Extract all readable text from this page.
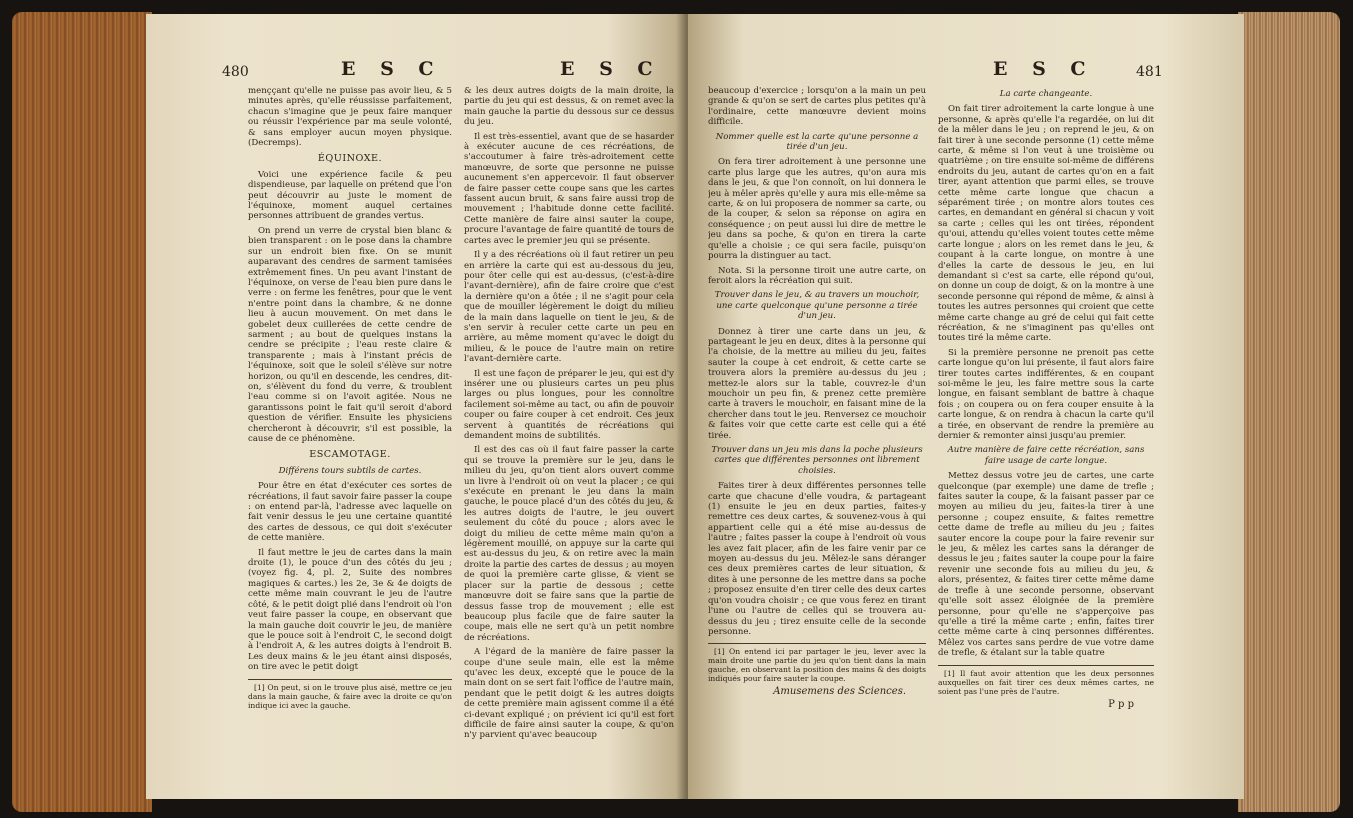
480	E S C	E S C

menççant qu'elle ne puisse pas avoir lieu, & 5 minutes après, qu'elle réussisse parfaitement, chacun s'imagine que je peux faire manquer ou réussir l'expérience par ma seule volonté, & sans employer aucun moyen physique. (Decremps).

ÉQUINOXE.

Voici une expérience facile & peu dispendieuse, par laquelle on prétend que l'on peut découvrir au juste le moment de l'équinoxe, moment auquel certaines personnes attribuent de grandes vertus.

On prend un verre de crystal bien blanc & bien transparent : on le pose dans la chambre sur un endroit bien fixe. On se munit auparavant des cendres de sarment tamisées extrêmement fines. Un peu avant l'instant de l'équinoxe, on verse de l'eau bien pure dans le verre : on ferme les fenêtres, pour que le vent n'entre point dans la chambre, & ne donne lieu à aucun mouvement. On met dans le gobelet deux cuillerées de cette cendre de sarment ; au bout de quelques instans la cendre se précipite ; l'eau reste claire & transparente ; mais à l'instant précis de l'équinoxe, soit que le soleil s'élève sur notre horizon, ou qu'il en descende, les cendres, dit-on, s'élèvent du fond du verre, & troublent l'eau comme si on l'avoit agitée. Nous ne garantissons point le fait qu'il seroit d'abord question de vérifier. Ensuite les physiciens chercheront à découvrir, s'il est possible, la cause de ce phénomène.

ESCAMOTAGE.
Différens tours subtils de cartes.

Pour être en état d'exécuter ces sortes de récréations, il faut savoir faire passer la coupe : on entend par-là, l'adresse avec laquelle on fait venir dessus le jeu une certaine quantité des cartes de dessous, ce qui doit s'exécuter de cette manière.

Il faut mettre le jeu de cartes dans la main droite (1), le pouce d'un des côtés du jeu ; (voyez fig. 4, pl. 2, Suite des nombres magiques & cartes.) les 2e, 3e & 4e doigts de cette même main couvrant le jeu de l'autre côté, & le petit doigt plié dans l'endroit où l'on veut faire passer la coupe, en observant que la main gauche doit couvrir le jeu, de manière que le pouce soit à l'endroit C, le second doigt à l'endroit A, & les autres doigts à l'endroit B. Les deux mains & le jeu étant ainsi disposés, on tire avec le petit doigt

[1] On peut, si on le trouve plus aisé, mettre ce jeu dans la main gauche, & faire avec la droite ce qu'on indique ici avec la gauche.

& les deux autres doigts de la main droite, la partie du jeu qui est dessus, & on remet avec la main gauche la partie du dessous sur ce dessus du jeu.

Il est très-essentiel, avant que de se hasarder à exécuter aucune de ces récréations, de s'accoutumer à faire très-adroitement cette manœuvre, de sorte que personne ne puisse aucunement s'en appercevoir. Il faut observer de faire passer cette coupe sans que les cartes fassent aucun bruit, & sans faire aussi trop de mouvement ; l'habitude donne cette facilité. Cette manière de faire ainsi sauter la coupe, procure l'avantage de faire quantité de tours de cartes avec le premier jeu qui se présente.

Il y a des récréations où il faut retirer un peu en arrière la carte qui est au-dessous du jeu, pour ôter celle qui est au-dessus, (c'est-à-dire l'avant-dernière), afin de faire croire que c'est la dernière qu'on a ôtée ; il ne s'agit pour cela que de mouiller légèrement le doigt du milieu de la main dans laquelle on tient le jeu, & de s'en servir à reculer cette carte un peu en arrière, au même moment qu'avec le doigt du milieu, & le pouce de l'autre main on retire l'avant-dernière carte.

Il est une façon de préparer le jeu, qui est d'y insérer une ou plusieurs cartes un peu plus larges ou plus longues, pour les connoître facilement soi-même au tact, ou afin de pouvoir couper ou faire couper à cet endroit. Ces jeux servent à quantités de récréations qui demandent moins de subtilités.

Il est des cas où il faut faire passer la carte qui se trouve la première sur le jeu, dans le milieu du jeu, qu'on tient alors ouvert comme un livre à l'endroit où on veut la placer ; ce qui s'exécute en prenant le jeu dans la main gauche, le pouce placé d'un des côtés du jeu, & les autres doigts de l'autre, le jeu ouvert seulement du côté du pouce ; alors avec le doigt du milieu de cette même main qu'on a légèrement mouillé, on appuye sur la carte qui est au-dessus du jeu, & on retire avec la main droite la partie des cartes de dessus ; au moyen de quoi la première carte glisse, & vient se placer sur la partie de dessous ; cette manœuvre doit se faire sans que la partie de dessus fasse trop de mouvement ; elle est beaucoup plus facile que de faire sauter la coupe, mais elle ne sert qu'à un petit nombre de récréations.

A l'égard de la manière de faire passer la coupe d'une seule main, elle est la même qu'avec les deux, excepté que le pouce de la main dont on se sert fait l'office de l'autre main, pendant que le petit doigt & les autres doigts de cette première main agissent comme il a été ci-devant expliqué ; on prévient ici qu'il est fort difficile de faire ainsi sauter la coupe, & qu'on n'y parvient qu'avec beaucoup

E S C	481

beaucoup d'exercice ; lorsqu'on a la main un peu grande & qu'on se sert de cartes plus petites qu'à l'ordinaire, cette manœuvre devient moins difficile.

Nommer quelle est la carte qu'une personne a tirée d'un jeu.

On fera tirer adroitement à une personne une carte plus large que les autres, qu'on aura mis dans le jeu, & que l'on connoît, on lui donnera le jeu à mêler après qu'elle y aura mis elle-même sa carte, & on lui proposera de nommer sa carte, ou de la couper, & selon sa réponse on agira en conséquence ; on peut aussi lui dire de mettre le jeu dans sa poche, & qu'on en tirera la carte qu'elle a choisie ; ce qui sera facile, puisqu'on pourra la distinguer au tact.

Nota. Si la personne tiroit une autre carte, on feroit alors la récréation qui suit.

Trouver dans le jeu, & au travers un mouchoir, une carte quelconque qu'une personne a tirée d'un jeu.

Donnez à tirer une carte dans un jeu, & partageant le jeu en deux, dites à la personne qui l'a choisie, de la mettre au milieu du jeu, faites sauter la coupe à cet endroit, & cette carte se trouvera alors la première au-dessus du jeu ; mettez-le alors sur la table, couvrez-le d'un mouchoir un peu fin, & prenez cette première carte à travers le mouchoir, en faisant mine de la chercher dans tout le jeu. Renversez ce mouchoir & faites voir que cette carte est celle qui a été tirée.

Trouver dans un jeu mis dans la poche plusieurs cartes que différentes personnes ont librement choisies.

Faites tirer à deux différentes personnes telle carte que chacune d'elle voudra, & partageant (1) ensuite le jeu en deux parties, faites-y remettre ces deux cartes, & souvenez-vous à qui appartient celle qui a été mise au-dessus de l'autre ; faites passer la coupe à l'endroit où vous les avez fait placer, afin de les faire venir par ce moyen au-dessus du jeu. Mêlez-le sans déranger ces deux premières cartes de leur situation, & dites à une personne de les mettre dans sa poche ; proposez ensuite d'en tirer celle des deux cartes qu'on voudra choisir ; ce que vous ferez en tirant l'une ou l'autre de celles qui se trouvera au-dessus du jeu ; tirez ensuite celle de la seconde personne.

[1] On entend ici par partager le jeu, lever avec la main droite une partie du jeu qu'on tient dans la main gauche, en observant la position des mains & des doigts indiqués pour faire sauter la coupe.

Amusemens des Sciences.

La carte changeante.

On fait tirer adroitement la carte longue à une personne, & après qu'elle l'a regardée, on lui dit de la mêler dans le jeu ; on reprend le jeu, & on fait tirer à une seconde personne (1) cette même carte, & même si l'on veut à une troisième ou quatrième ; on tire ensuite soi-même de différens endroits du jeu, autant de cartes qu'on en a fait tirer, ayant attention que parmi elles, se trouve cette même carte longue que chacun a séparément tirée ; on montre alors toutes ces cartes, en demandant en général si chacun y voit sa carte ; celles qui les ont tirées, répondent qu'oui, attendu qu'elles voient toutes cette même carte longue ; alors on les remet dans le jeu, & coupant à la carte longue, on montre à une d'elles la carte de dessous le jeu, en lui demandant si c'est sa carte, elle répond qu'oui, on donne un coup de doigt, & on la montre à une seconde personne qui répond de même, & ainsi à toutes les autres personnes qui croient que cette même carte change au gré de celui qui fait cette récréation, & ne s'imaginent pas qu'elles ont toutes tiré la même carte.

Si la première personne ne prenoit pas cette carte longue qu'on lui présente, il faut alors faire tirer toutes cartes indifférentes, & en coupant soi-même le jeu, les faire mettre sous la carte longue, en faisant semblant de battre à chaque fois ; on coupera ou on fera couper ensuite à la carte longue, & on rendra à chacun la carte qu'il a tirée, en observant de rendre la première au dernier & remonter ainsi jusqu'au premier.

Autre manière de faire cette récréation, sans faire usage de carte longue.

Mettez dessus votre jeu de cartes, une carte quelconque (par exemple) une dame de trefle ; faites sauter la coupe, & la faisant passer par ce moyen au milieu du jeu, faites-la tirer à une personne ; coupez ensuite, & faites remettre cette dame de trefle au milieu du jeu ; faites sauter encore la coupe pour la faire revenir sur le jeu, & mêlez les cartes sans la déranger de dessus le jeu ; faites sauter la coupe pour la faire revenir une seconde fois au milieu du jeu, & alors, présentez, & faites tirer cette même dame de trefle à une seconde personne, observant qu'elle soit assez éloignée de la première personne, pour qu'elle ne s'apperçoive pas qu'elle a tiré la même carte ; enfin, faites tirer cette même carte à cinq personnes différentes. Mêlez vos cartes sans perdre de vue votre dame de trefle, & étalant sur la table quatre

[1] Il faut avoir attention que les deux personnes auxquelles on fait tirer ces deux mêmes cartes, ne soient pas l'une près de l'autre.

P p p
